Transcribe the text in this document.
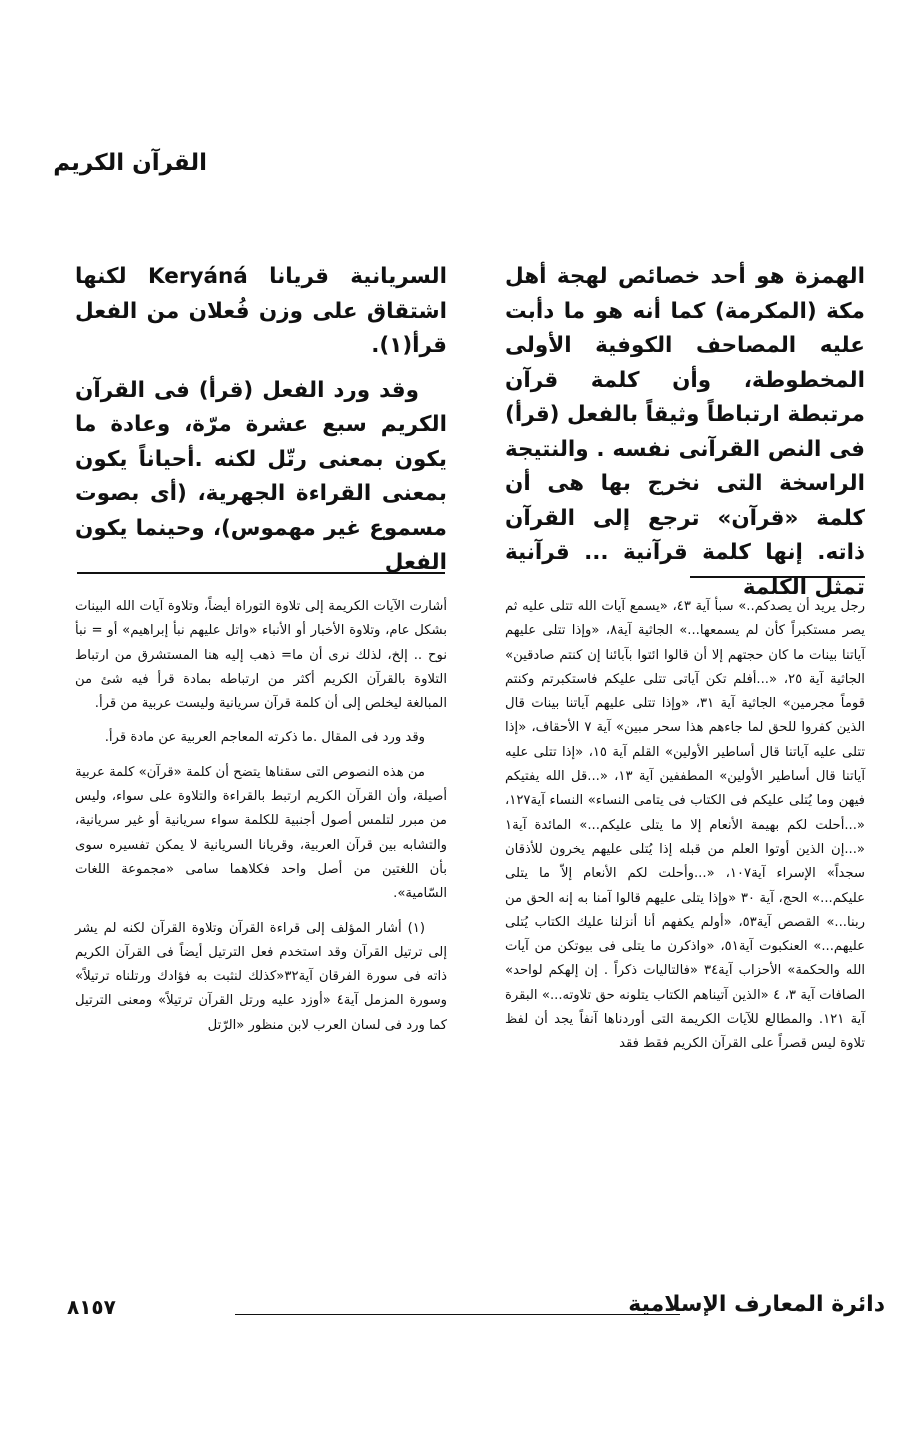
القرآن الكريم

الهمزة هو أحد خصائص لهجة أهل مكة (المكرمة) كما أنه هو ما دأبت عليه المصاحف الكوفية الأولى المخطوطة، وأن كلمة قرآن مرتبطة ارتباطاً وثيقاً بالفعل (قرأ) فى النص القرآنى نفسه . والنتيجة الراسخة التى نخرج بها هى أن كلمة «قرآن» ترجع إلى القرآن ذاته. إنها كلمة قرآنية ... قرآنية تمثل الكلمة

السريانية قريانا Keryáná لكنها اشتقاق على وزن فُعلان من الفعل قرأ(١).

وقد ورد الفعل (قرأ) فى القرآن الكريم سبع عشرة مرّة، وعادة ما يكون بمعنى رتّل لكنه .أحياناً يكون بمعنى القراءة الجهرية، (أى بصوت مسموع غير مهموس)، وحينما يكون الفعل

رجل يريد أن يصدكم..» سبأ آية ٤٣، «يسمع آيات الله تتلى عليه ثم يصر مستكبراً كأن لم يسمعها...» الجاثية آية٨، «وإذا تتلى عليهم آياتنا بينات ما كان حجتهم إلا أن قالوا ائتوا بآبائنا إن كنتم صادقين» الجاثية آية ٢٥، «...أفلم تكن آياتى تتلى عليكم فاستكبرتم وكنتم قوماً مجرمين» الجاثية آية ٣١، «وإذا تتلى عليهم آياتنا بينات قال الذين كفروا للحق لما جاءهم هذا سحر مبين» آية ٧ الأحقاف، «إذا تتلى عليه آياتنا قال أساطير الأولين» القلم آية ١٥، «إذا تتلى عليه آياتنا قال أساطير الأولين» المطففين آية ١٣، «...قل الله يفتيكم فيهن وما يُتلى عليكم فى الكتاب فى يتامى النساء» النساء آية١٢٧، «...أحلت لكم بهيمة الأنعام إلا ما يتلى عليكم...» المائدة آية١ «...إن الذين أوتوا العلم من قبله إذا يُتلى عليهم يخرون للأذقان سجداً» الإسراء آية١٠٧، «...وأحلت لكم الأنعام إلاّ ما يتلى عليكم...» الحج، آية ٣٠ «وإذا يتلى عليهم قالوا آمنا به إنه الحق من ربنا...» القصص آية٥٣، «أولم يكفهم أنا أنزلنا عليك الكتاب يُتلى عليهم...» العنكبوت آية٥١، «واذكرن ما يتلى فى بيوتكن من آيات الله والحكمة» الأحزاب آية٣٤ «فالتاليات ذكراً . إن إلهكم لواحد» الصافات آية ٣، ٤ «الذين آتيناهم الكتاب يتلونه حق تلاوته...» البقرة آية ١٢١. والمطالع للآيات الكريمة التى أوردناها آنفاً يجد أن لفظ تلاوة ليس قصراً على القرآن الكريم فقط فقد

أشارت الآيات الكريمة إلى تلاوة التوراة أيضاً، وتلاوة آيات الله البينات بشكل عام، وتلاوة الأخبار أو الأنباء «واتل عليهم نبأ إبراهيم» أو = نبأ نوح .. إلخ، لذلك نرى أن ما= ذهب إليه هنا المستشرق من ارتباط التلاوة بالقرآن الكريم أكثر من ارتباطه بمادة قرأ فيه شئ من المبالغة ليخلص إلى أن كلمة قرآن سريانية وليست عربية من قرأ.

وقد ورد فى المقال .ما ذكرته المعاجم العربية عن مادة قرأ.

من هذه النصوص التى سقناها يتضح أن كلمة «قرآن» كلمة عربية أصيلة، وأن القرآن الكريم ارتبط بالقراءة والتلاوة على سواء، وليس من مبرر لتلمس أصول أجنبية للكلمة سواء سريانية أو غير سريانية، والتشابه بين قرآن العربية، وقريانا السريانية لا يمكن تفسيره سوى بأن اللغتين من أصل واحد فكلاهما سامى «مجموعة اللغات السّامية».

(١) أشار المؤلف إلى قراءة القرآن وتلاوة القرآن لكنه لم يشر إلى ترتيل القرآن وقد استخدم فعل الترتيل أيضاً فى القرآن الكريم ذاته فى سورة الفرقان آية٣٢«كذلك لنثبت به فؤادك ورتلناه ترتيلاً» وسورة المزمل آية٤ «أوزد عليه ورتل القرآن ترتيلاً» ومعنى الترتيل كما ورد فى لسان العرب لابن منظور «الرّتل

دائرة المعارف الإسلامية
٨١٥٧
